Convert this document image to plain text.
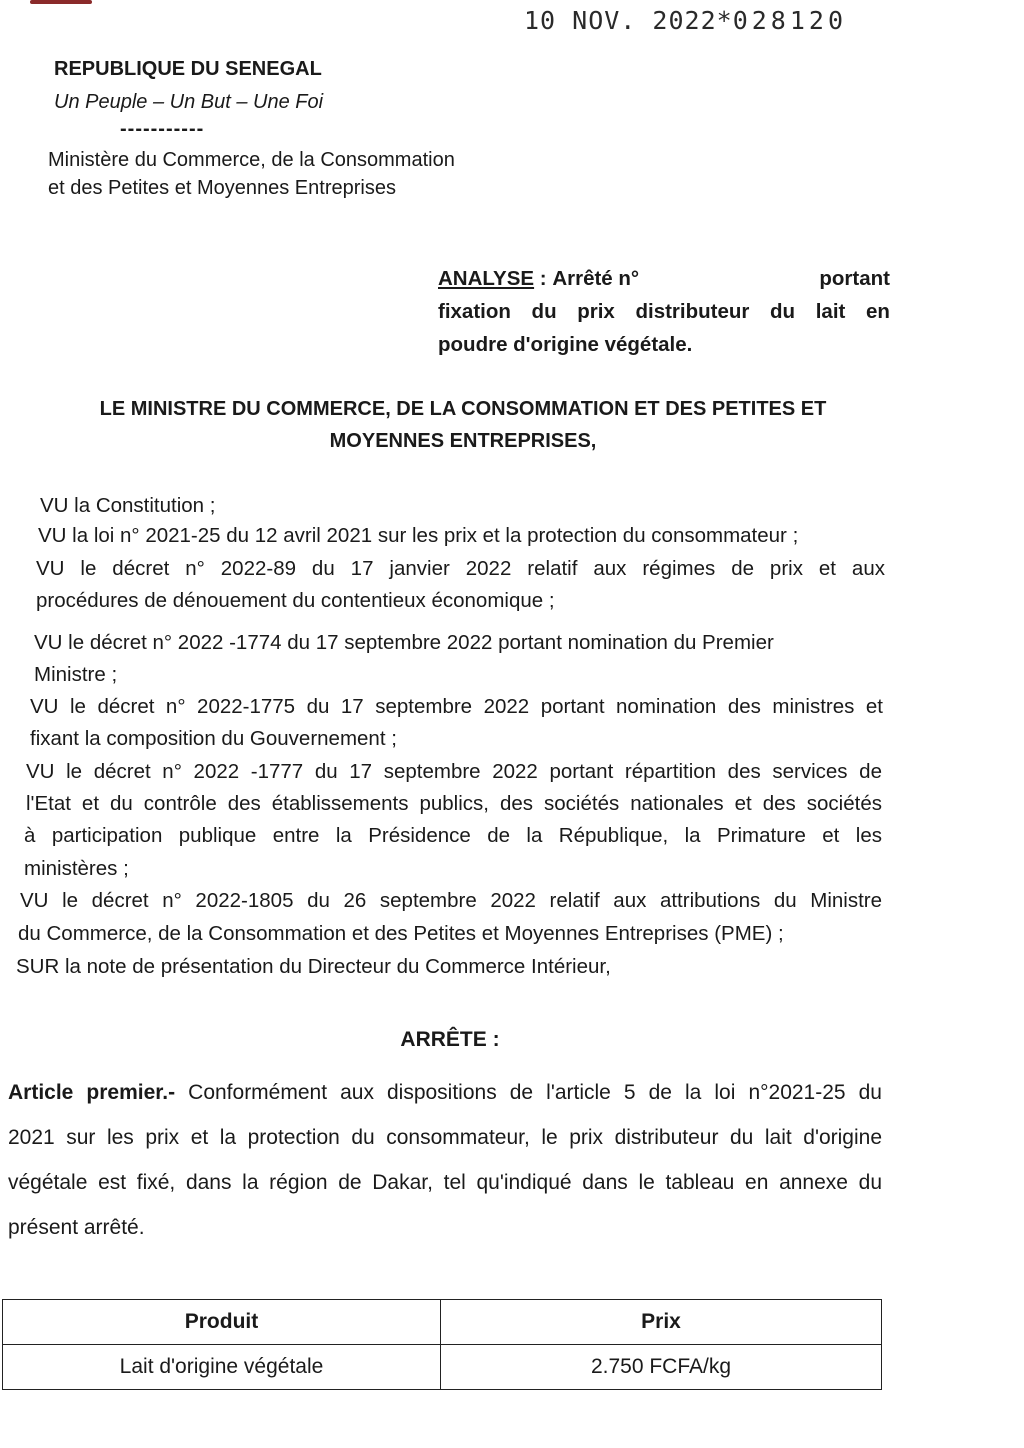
10 NOV. 2022*028120
REPUBLIQUE DU SENEGAL
Un Peuple – Un But – Une Foi
-----------
Ministère du Commerce, de la Consommation
et des Petites et Moyennes Entreprises
ANALYSE : Arrêté n°	portant
fixation du prix distributeur du lait en
poudre d'origine végétale.
LE MINISTRE DU COMMERCE, DE LA CONSOMMATION ET DES PETITES ET
MOYENNES ENTREPRISES,
VU la Constitution ;
VU la loi n° 2021-25 du 12 avril 2021 sur les prix et la protection du consommateur ;
VU le décret n° 2022-89 du 17 janvier 2022 relatif aux régimes de prix et aux
procédures de dénouement du contentieux économique ;
VU le décret n° 2022 -1774 du 17 septembre 2022 portant nomination du Premier
Ministre ;
VU le décret n° 2022-1775 du 17 septembre 2022 portant nomination des ministres et
fixant la composition du Gouvernement ;
VU le décret n° 2022 -1777 du 17 septembre 2022 portant répartition des services de
l'Etat et du contrôle des établissements publics, des sociétés nationales et des sociétés
à participation publique entre la Présidence de la République, la Primature et les
ministères ;
VU le décret n° 2022-1805 du 26 septembre 2022 relatif aux attributions du Ministre
du Commerce, de la Consommation et des Petites et Moyennes Entreprises (PME) ;
SUR la note de présentation du Directeur du Commerce Intérieur,
ARRÊTE :
Article premier.- Conformément aux dispositions de l'article 5 de la loi n°2021-25 du
2021 sur les prix et la protection du consommateur, le prix distributeur du lait d'origine
végétale est fixé, dans la région de Dakar, tel qu'indiqué dans le tableau en annexe du
présent arrêté.
Produit	Prix
Lait d'origine végétale	2.750 FCFA/kg
